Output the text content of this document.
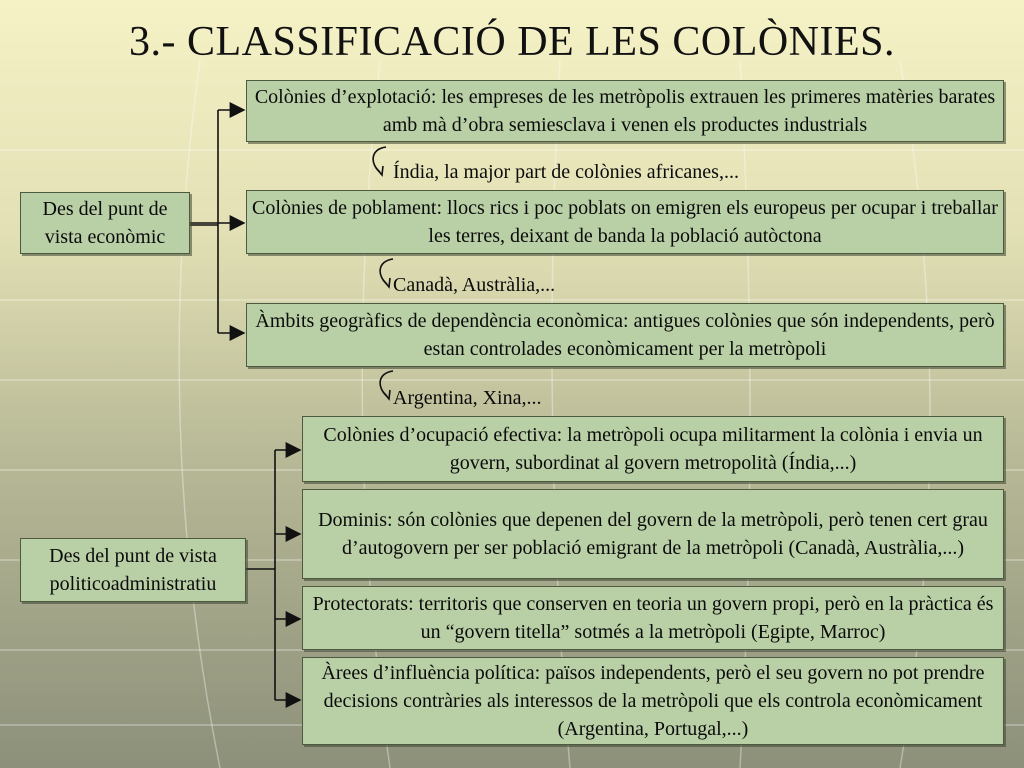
3.- CLASSIFICACIÓ DE LES COLÒNIES.
Des del punt de vista econòmic
Colònies d’explotació: les empreses de les metròpolis extrauen les primeres matèries barates amb mà d’obra semiesclava i venen els productes industrials
Índia, la major part de colònies africanes,...
Colònies de poblament: llocs rics i poc poblats on emigren els europeus per ocupar i treballar les terres, deixant de banda la població autòctona
Canadà, Austràlia,...
Àmbits geogràfics de dependència econòmica: antigues colònies que són independents, però estan controlades econòmicament per la metròpoli
Argentina, Xina,...
Des del punt de vista politicoadministratiu
Colònies d’ocupació efectiva: la metròpoli ocupa militarment la colònia i envia un govern, subordinat al govern metropolità (Índia,...)
Dominis: són colònies que depenen del govern de la metròpoli, però tenen cert grau d’autogovern per ser població emigrant de la metròpoli (Canadà, Austràlia,...)
Protectorats: territoris que conserven en teoria un govern propi, però en la pràctica és un “govern titella” sotmés a la metròpoli (Egipte, Marroc)
Àrees d’influència política: països independents, però el seu govern no pot prendre decisions contràries als interessos de la metròpoli que els controla econòmicament (Argentina, Portugal,...)
